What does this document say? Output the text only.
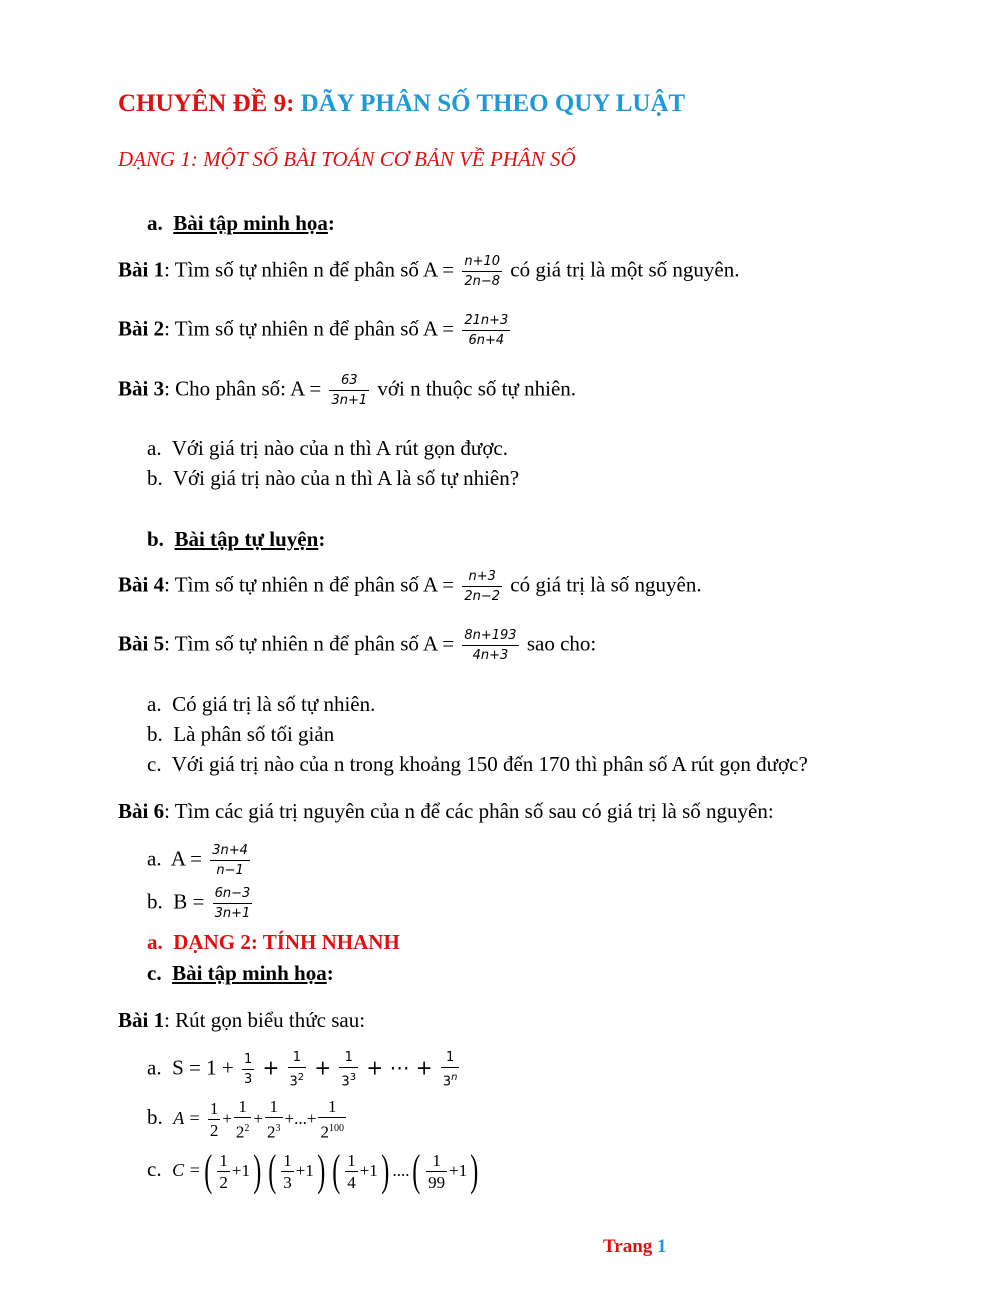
CHUYÊN ĐỀ 9: DÃY PHÂN SỐ THEO QUY LUẬT
DẠNG 1: MỘT SỐ BÀI TOÁN CƠ BẢN VỀ PHÂN SỐ
a. Bài tập minh họa:
Bài 1: Tìm số tự nhiên n để phân số $A = \frac{n+10}{2n-8}$ có giá trị là một số nguyên.
Bài 2: Tìm số tự nhiên n để phân số $A = \frac{21n+3}{6n+4}$
Bài 3: Cho phân số: $A = \frac{63}{3n+1}$ với n thuộc số tự nhiên.
a. Với giá trị nào của n thì A rút gọn được.
b. Với giá trị nào của n thì A là số tự nhiên?
b. Bài tập tự luyện:
Bài 4: Tìm số tự nhiên n để phân số $A = \frac{n+3}{2n-2}$ có giá trị là số nguyên.
Bài 5: Tìm số tự nhiên n để phân số $A = \frac{8n+193}{4n+3}$ sao cho:
a. Có giá trị là số tự nhiên.
b. Là phân số tối giản
c. Với giá trị nào của n trong khoảng 150 đến 170 thì phân số A rút gọn được?
Bài 6: Tìm các giá trị nguyên của n để các phân số sau có giá trị là số nguyên:
a. $A = \frac{3n+4}{n-1}$
b. $B = \frac{6n-3}{3n+1}$
a. DẠNG 2: TÍNH NHANH
c. Bài tập minh họa:
Bài 1: Rút gọn biểu thức sau:
a. $S = 1 + \frac{1}{3} + \frac{1}{3^2} + \frac{1}{3^3}$ + ⋯ + $\frac{1}{3^n}$
b. $A = \frac{1}{2} + \frac{1}{2^2} + \frac{1}{2^3}$ +...+ $\frac{1}{2^{100}}$
c. C =( $\frac{1}{2} +1$) ( $\frac{1}{3} +1$) ( $\frac{1}{4} +1$) ....( $\frac{1}{99} +1$)
Trang 1
